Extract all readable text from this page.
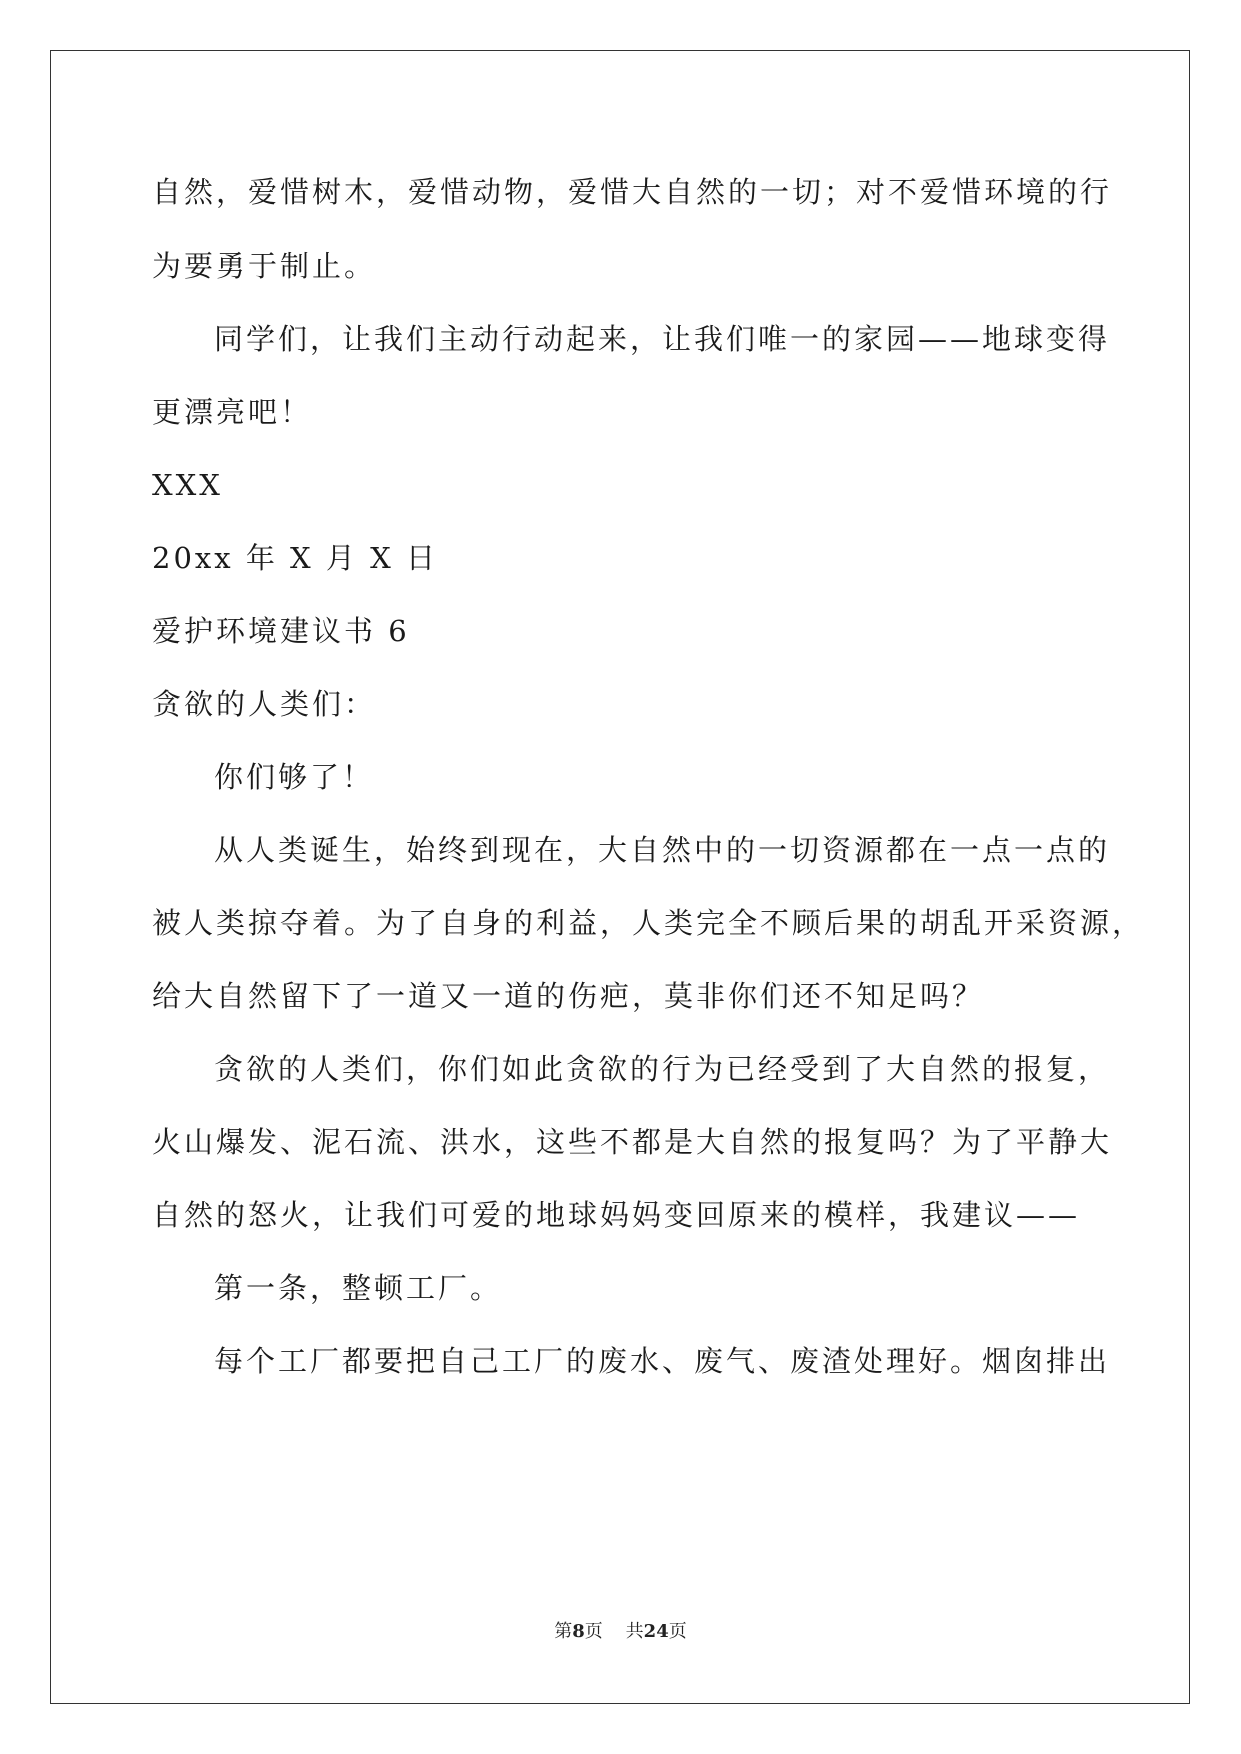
自然，爱惜树木，爱惜动物，爱惜大自然的一切；对不爱惜环境的行
为要勇于制止。
同学们，让我们主动行动起来，让我们唯一的家园——地球变得
更漂亮吧！
XXX
20xx 年 X 月 X 日
爱护环境建议书 6
贪欲的人类们：
你们够了！
从人类诞生，始终到现在，大自然中的一切资源都在一点一点的
被人类掠夺着。为了自身的利益，人类完全不顾后果的胡乱开采资源，
给大自然留下了一道又一道的伤疤，莫非你们还不知足吗？
贪欲的人类们，你们如此贪欲的行为已经受到了大自然的报复，
火山爆发、泥石流、洪水，这些不都是大自然的报复吗？为了平静大
自然的怒火，让我们可爱的地球妈妈变回原来的模样，我建议——
第一条，整顿工厂。
每个工厂都要把自己工厂的废水、废气、废渣处理好。烟囱排出
第8页 共24页
